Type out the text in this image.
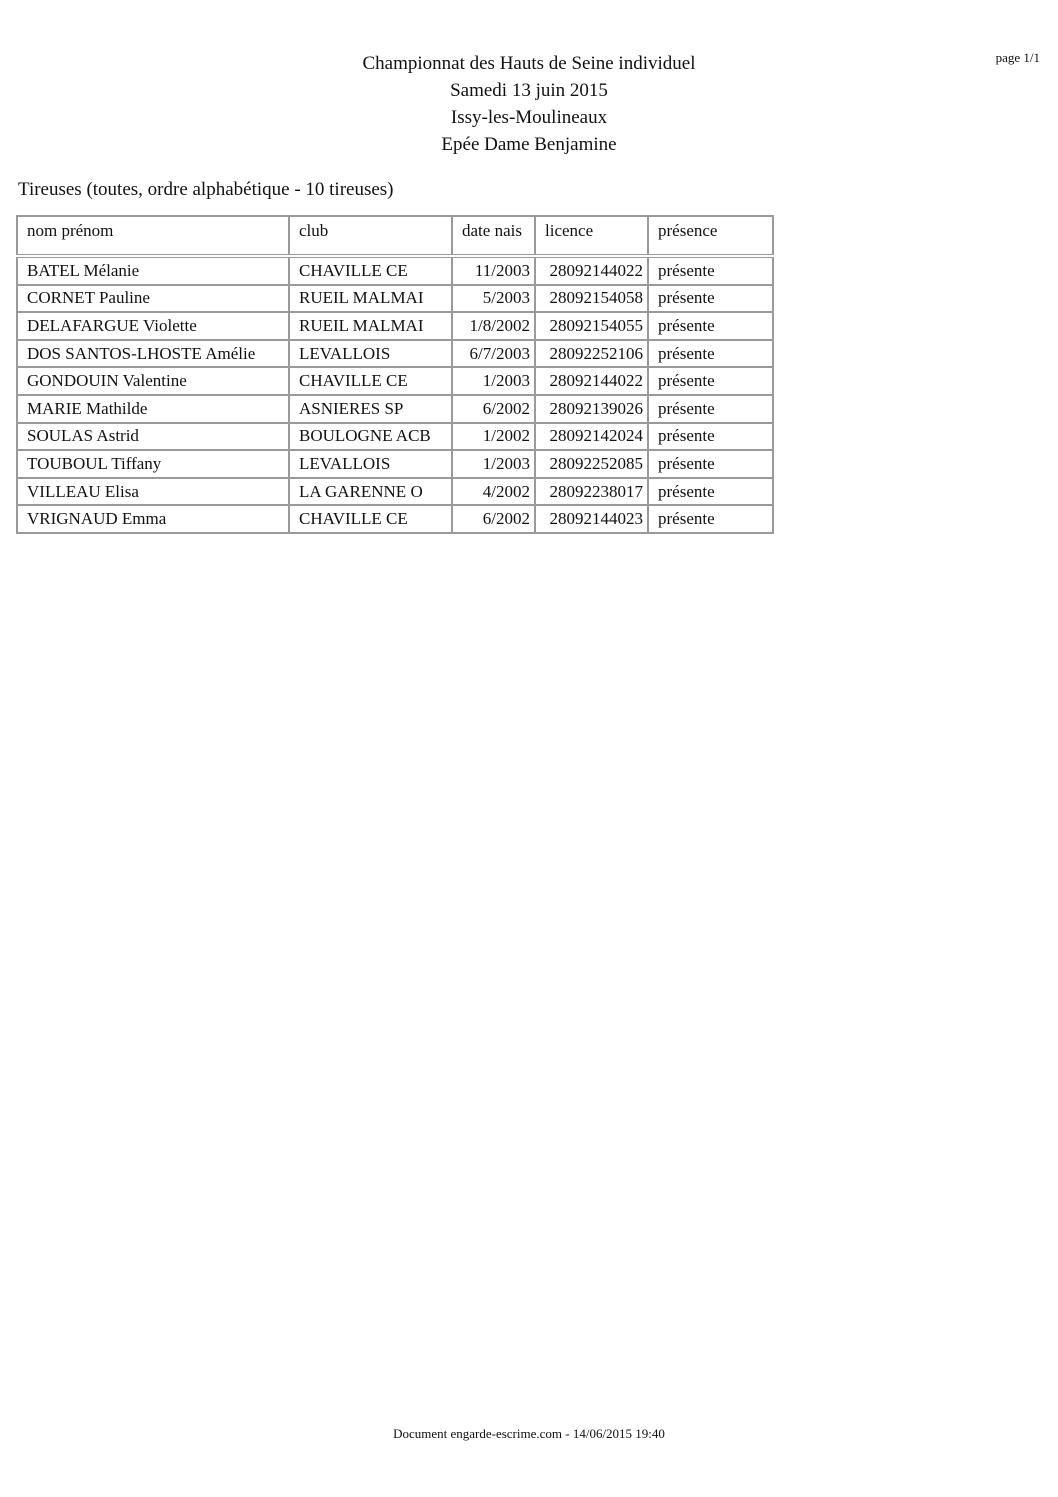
Championnat des Hauts de Seine individuel
Samedi 13 juin 2015
Issy-les-Moulineaux
Epée Dame Benjamine
page 1/1
Tireuses (toutes, ordre alphabétique - 10 tireuses)
nom prénom	club	date nais	licence	présence
BATEL Mélanie	CHAVILLE CE	11/2003	28092144022	présente
CORNET Pauline	RUEIL MALMAI	5/2003	28092154058	présente
DELAFARGUE Violette	RUEIL MALMAI	1/8/2002	28092154055	présente
DOS SANTOS-LHOSTE Amélie	LEVALLOIS	6/7/2003	28092252106	présente
GONDOUIN Valentine	CHAVILLE CE	1/2003	28092144022	présente
MARIE Mathilde	ASNIERES SP	6/2002	28092139026	présente
SOULAS Astrid	BOULOGNE ACB	1/2002	28092142024	présente
TOUBOUL Tiffany	LEVALLOIS	1/2003	28092252085	présente
VILLEAU Elisa	LA GARENNE O	4/2002	28092238017	présente
VRIGNAUD Emma	CHAVILLE CE	6/2002	28092144023	présente
Document engarde-escrime.com - 14/06/2015 19:40
